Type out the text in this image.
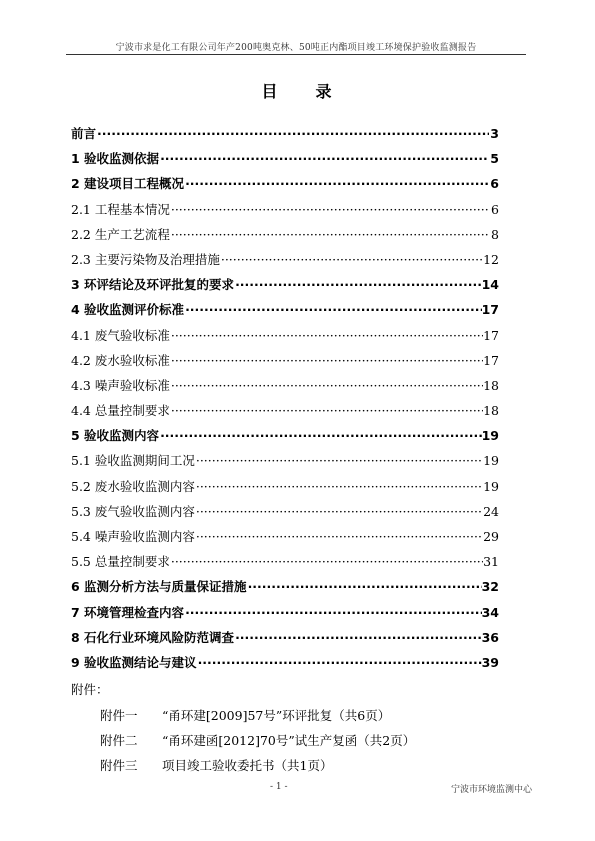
宁波市求是化工有限公司年产200吨奥克林、50吨正内酯项目竣工环境保护验收监测报告
目 录
前言 ·····	3
1 验收监测依据 ·····	5
2 建设项目工程概况 ·····	6
2.1 工程基本情况 ·····	6
2.2 生产工艺流程 ·····	8
2.3 主要污染物及治理措施 ·····	12
3 环评结论及环评批复的要求 ·····	14
4 验收监测评价标准 ·····	17
4.1 废气验收标准 ·····	17
4.2 废水验收标准 ·····	17
4.3 噪声验收标准 ·····	18
4.4 总量控制要求 ·····	18
5 验收监测内容 ·····	19
5.1 验收监测期间工况 ·····	19
5.2 废水验收监测内容 ·····	19
5.3 废气验收监测内容 ·····	24
5.4 噪声验收监测内容 ·····	29
5.5 总量控制要求 ·····	31
6 监测分析方法与质量保证措施 ·····	32
7 环境管理检查内容 ·····	34
8 石化行业环境风险防范调查 ·····	36
9 验收监测结论与建议 ·····	39
附件：
附件一 “甬环建[2009]57号”环评批复（共6页）
附件二 “甬环建函[2012]70号”试生产复函（共2页）
附件三 项目竣工验收委托书（共1页）
- 1 -	宁波市环境监测中心
